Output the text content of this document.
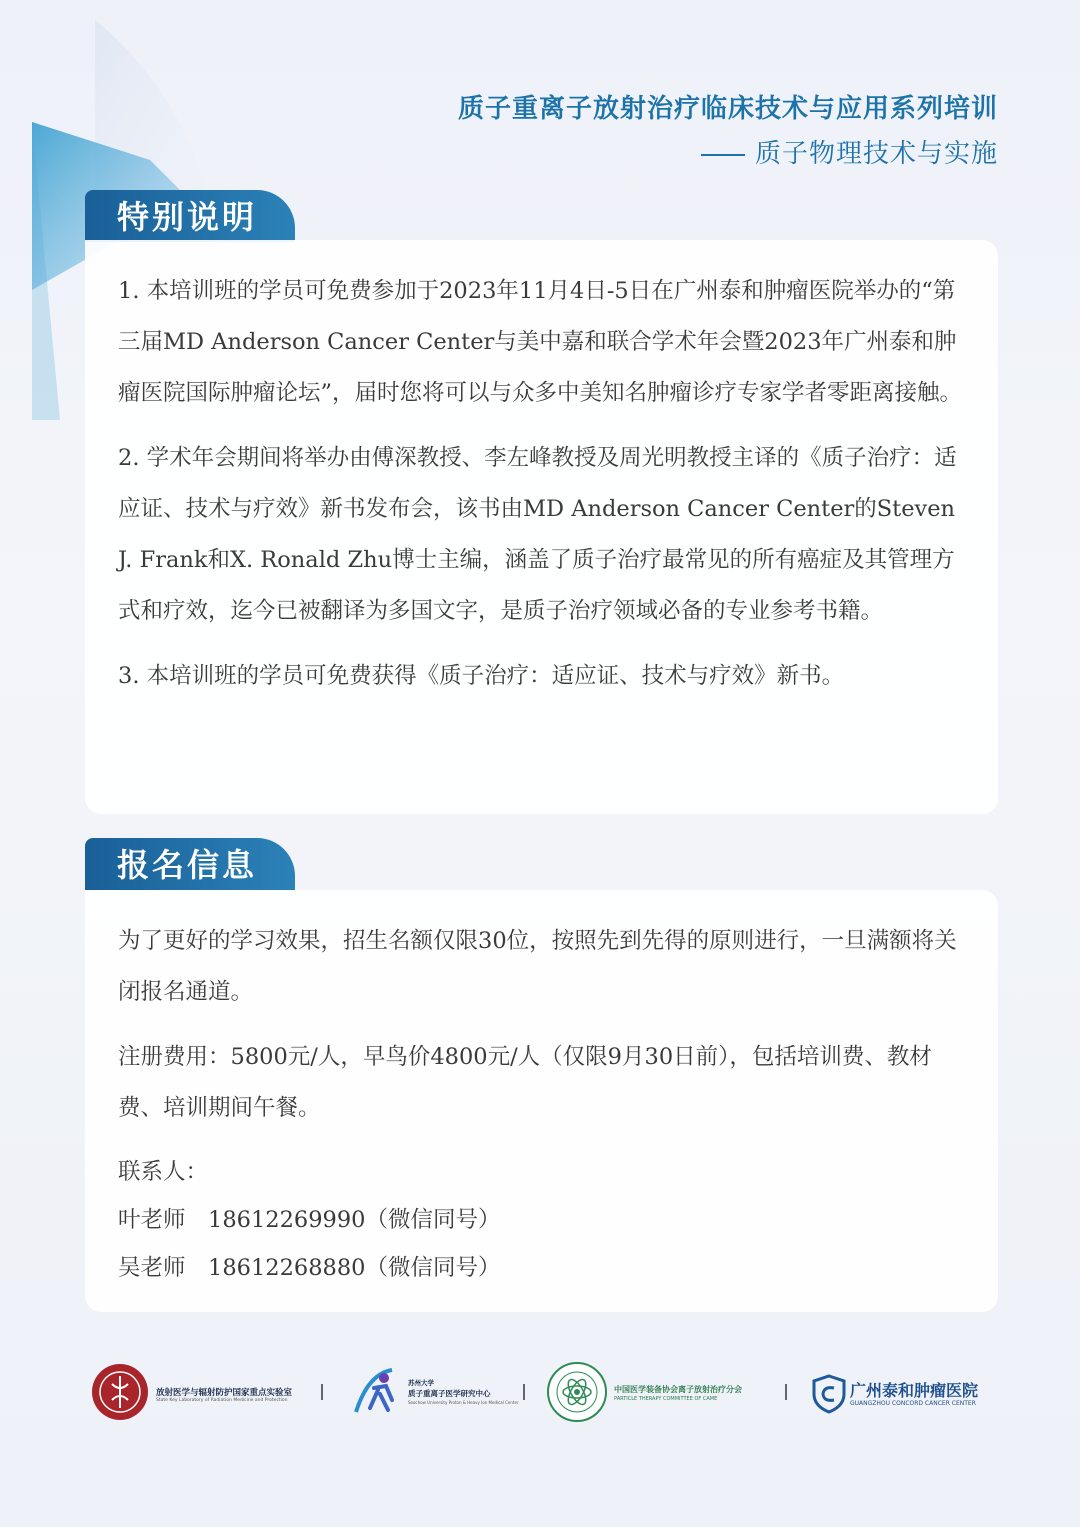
质子重离子放射治疗临床技术与应用系列培训
质子物理技术与实施
特别说明

1. 本培训班的学员可免费参加于2023年11月4日-5日在广州泰和肿瘤医院举办的“第三届MD Anderson Cancer Center与美中嘉和联合学术年会暨2023年广州泰和肿瘤医院国际肿瘤论坛”，届时您将可以与众多中美知名肿瘤诊疗专家学者零距离接触。

2. 学术年会期间将举办由傅深教授、李左峰教授及周光明教授主译的《质子治疗：适应证、技术与疗效》新书发布会，该书由MD Anderson Cancer Center的Steven J. Frank和X. Ronald Zhu博士主编，涵盖了质子治疗最常见的所有癌症及其管理方式和疗效，迄今已被翻译为多国文字，是质子治疗领域必备的专业参考书籍。

3. 本培训班的学员可免费获得《质子治疗：适应证、技术与疗效》新书。

报名信息

为了更好的学习效果，招生名额仅限30位，按照先到先得的原则进行，一旦满额将关闭报名通道。

注册费用：5800元/人，早鸟价4800元/人（仅限9月30日前），包括培训费、教材费、培训期间午餐。

联系人：

叶老师　18612269990（微信同号）

吴老师　18612268880（微信同号）

放射医学与辐射防护国家重点实验室
State Key Laboratory of Radiation Medicine and Protection
苏州大学
质子重离子医学研究中心
Soochow University Proton & Heavy Ion Medical Center
中国医学装备协会离子放射治疗分会
PARTICLE THERAPY COMMITTEE OF CAME	广州泰和肿瘤医院
GUANGZHOU CONCORD CANCER CENTER
